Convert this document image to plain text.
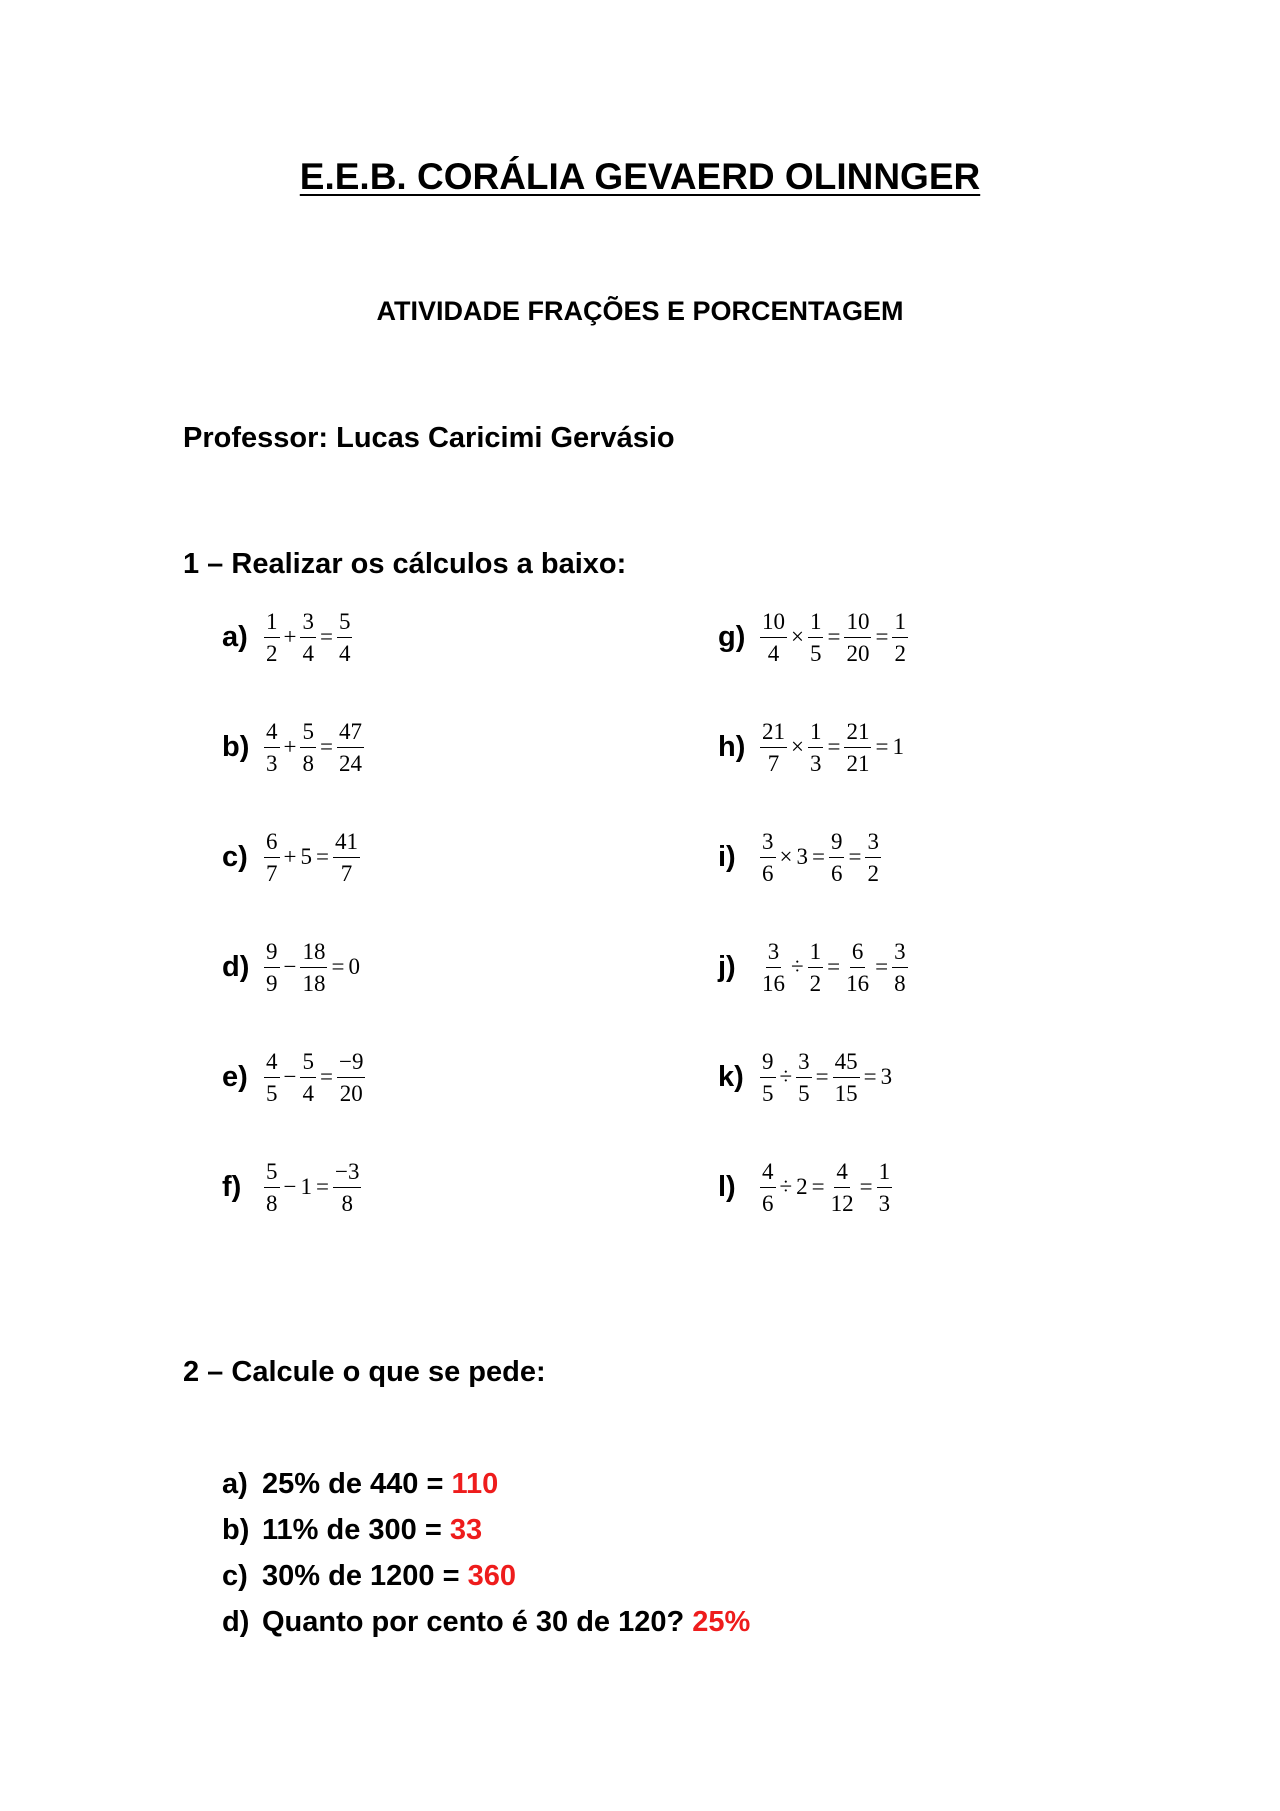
E.E.B. CORÁLIA GEVAERD OLINNGER
ATIVIDADE FRAÇÕES E PORCENTAGEM
Professor: Lucas Caricimi Gervásio
1 – Realizar os cálculos a baixo:
$a) \frac{1}{2} + \frac{3}{4} = \frac{5}{4}$
$b) \frac{4}{3} + \frac{5}{8} = \frac{47}{24}$
$c) \frac{6}{7} + 5 = \frac{41}{7}$
$d) \frac{9}{9} - \frac{18}{18} = 0$
$e) \frac{4}{5} - \frac{5}{4} = \frac{-9}{20}$
$f) \frac{5}{8} - 1 = \frac{-3}{8}$
$g) \frac{10}{4} \times \frac{1}{5} = \frac{10}{20} = \frac{1}{2}$
$h) \frac{21}{7} \times \frac{1}{3} = \frac{21}{21} = 1$
i)	$\frac{3}{6} \times 3 = \frac{9}{6} = \frac{3}{2}$
j)	$\frac{3}{16} \div \frac{1}{2} = \frac{6}{16} = \frac{3}{8}$
$k) \frac{9}{5} \div \frac{3}{5} = \frac{45}{15} = 3$
l)	$\frac{4}{6} \div 2 = \frac{4}{12} = \frac{1}{3}$
2 – Calcule o que se pede:
a) 25% de 440 = 110
b) 11% de 300 = 33
c) 30% de 1200 = 360
d) Quanto por cento é 30 de 120? 25%
